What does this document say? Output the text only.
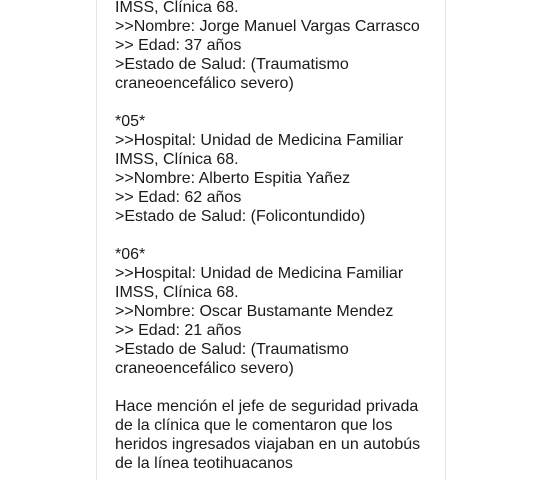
IMSS, Clínica 68.
>>Nombre: Jorge Manuel Vargas Carrasco
>> Edad: 37 años
>Estado de Salud: (Traumatismo
craneoencefálico severo)
*05*
>>Hospital: Unidad de Medicina Familiar
IMSS, Clínica 68.
>>Nombre: Alberto Espitia Yañez
>> Edad: 62 años
>Estado de Salud: (Folicontundido)
*06*
>>Hospital: Unidad de Medicina Familiar
IMSS, Clínica 68.
>>Nombre: Oscar Bustamante Mendez
>> Edad: 21 años
>Estado de Salud: (Traumatismo
craneoencefálico severo)
Hace mención el jefe de seguridad privada
de la clínica que le comentaron que los
heridos ingresados viajaban en un autobús
de la línea teotihuacanos
